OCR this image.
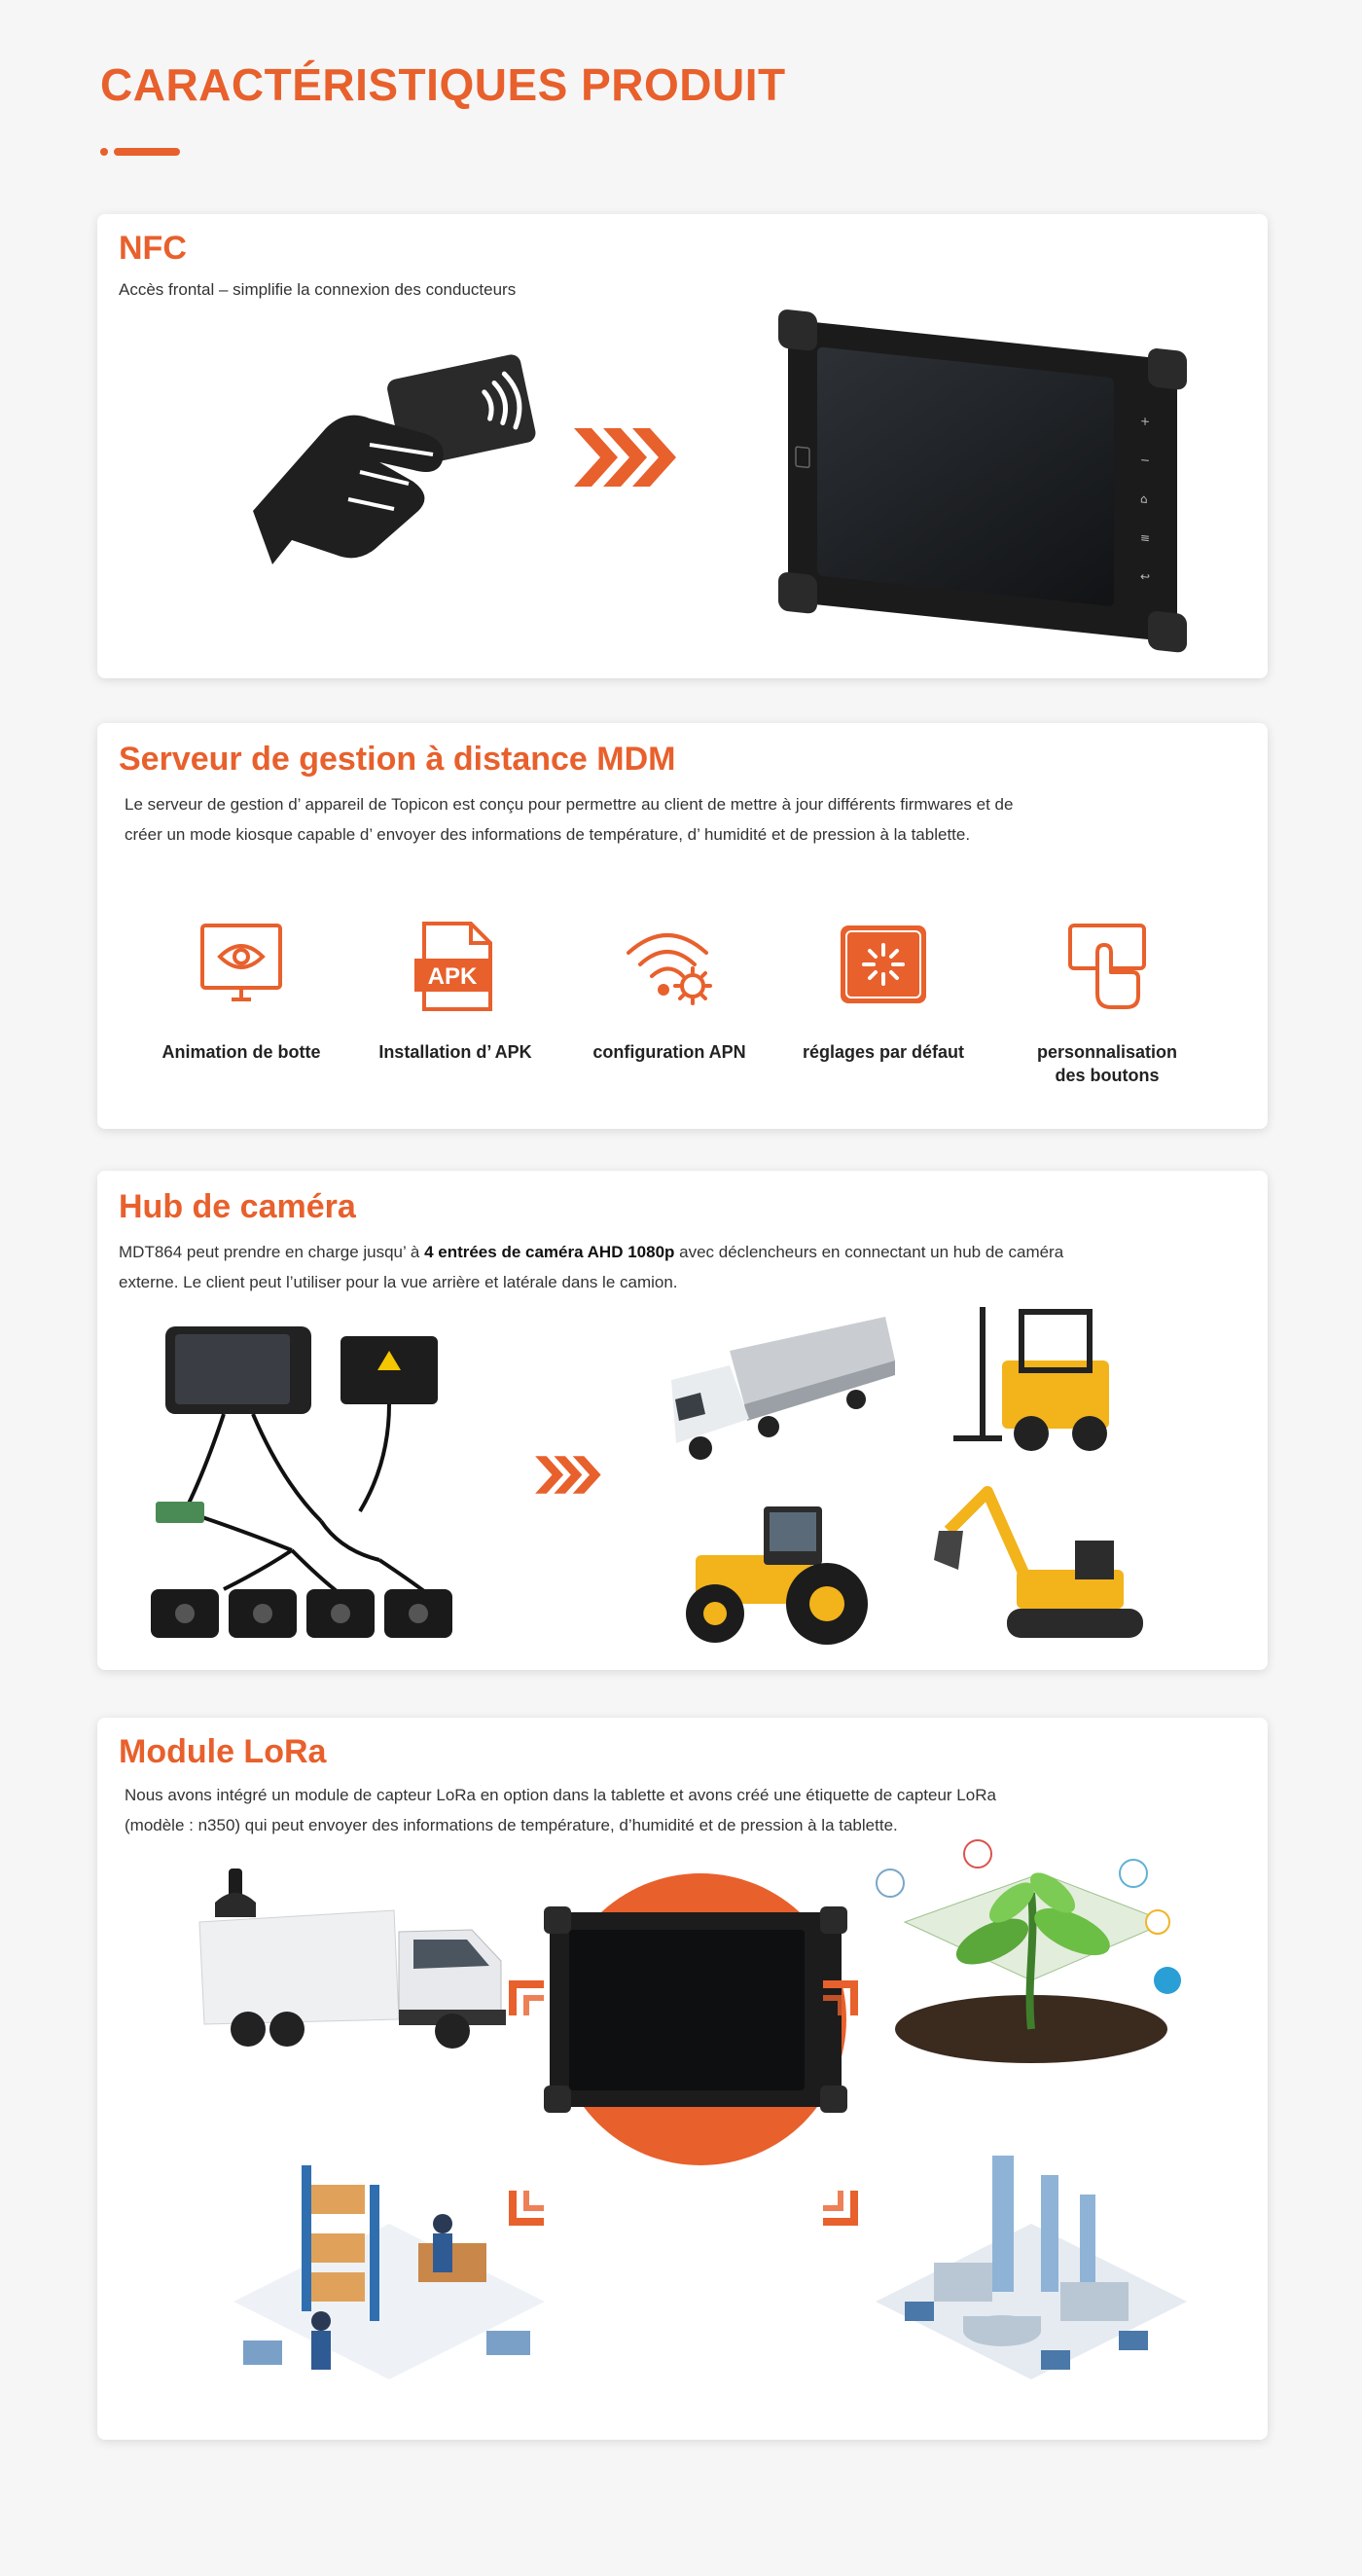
CARACTÉRISTIQUES PRODUIT
NFC

Accès frontal – simplifie la connexion des conducteurs

+
−
⌂
≡
↩
Serveur de gestion à distance MDM

Le serveur de gestion d’ appareil de Topicon est conçu pour permettre au client de mettre à jour différents firmwares et de

créer un mode kiosque capable d’ envoyer des informations de température, d’ humidité et de pression à la tablette.

Animation de botte
APK
Installation d’ APK	configuration APN	réglages par défaut	personnalisation
des boutons
Hub de caméra

MDT864 peut prendre en charge jusqu’ à 4 entrées de caméra AHD 1080p avec déclencheurs en connectant un hub de caméra

externe. Le client peut l’utiliser pour la vue arrière et latérale dans le camion.

Module LoRa

Nous avons intégré un module de capteur LoRa en option dans la tablette et avons créé une étiquette de capteur LoRa

(modèle : n350) qui peut envoyer des informations de température, d’humidité et de pression à la tablette.
